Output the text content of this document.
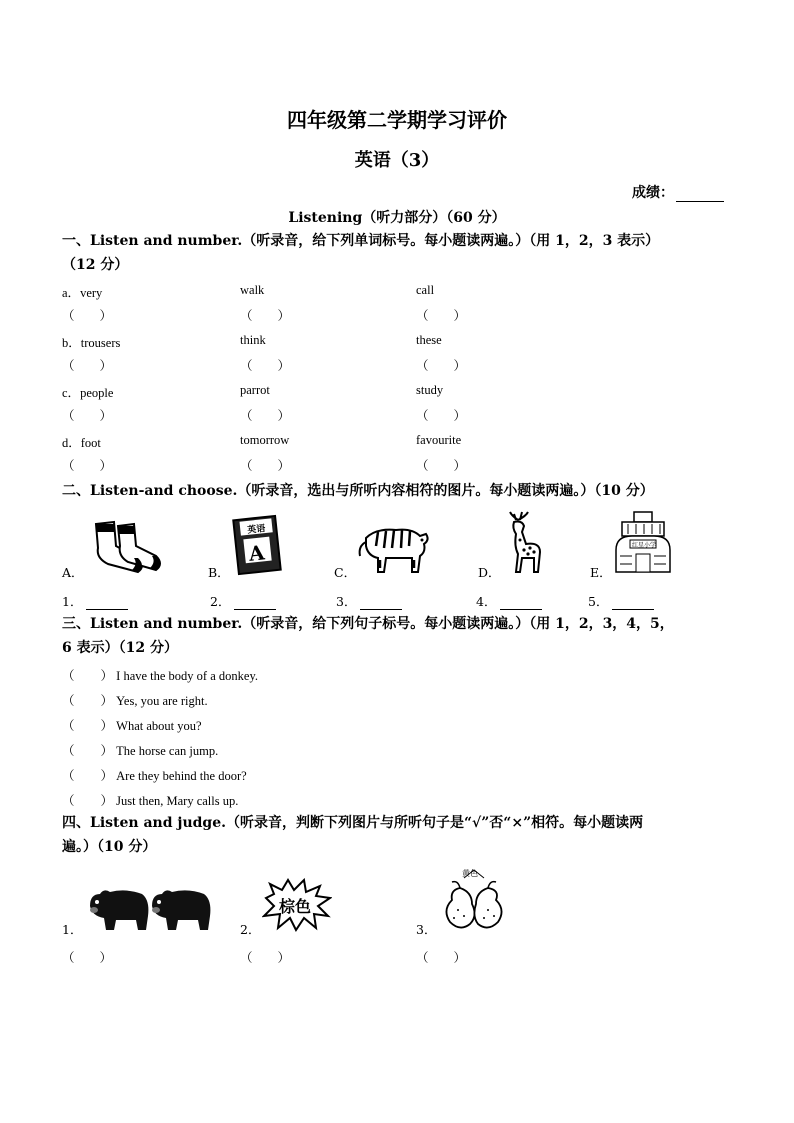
四年级第二学期学习评价
英语（3）
成绩：
Listening（听力部分）（60 分）
一、Listen and number.（听录音，给下列单词标号。每小题读两遍。）（用 1，2，3 表示）
（12 分）
a．very	walk	call
（　　）	（　　）	（　　）
b．trousers	think	these
（　　）	（　　）	（　　）
c．people	parrot	study
（　　）	（　　）	（　　）
d．foot	tomorrow	favourite
（　　）	（　　）	（　　）
二、Listen-and choose.（听录音，选出与所听内容相符的图片。每小题读两遍。）（10 分）
A．
英语
A
B．	C．	D．
红星小学
E．
1．	2．	3．	4．	5．
三、Listen and number.（听录音，给下列句子标号。每小题读两遍。）（用 1，2，3，4，5，
6 表示）（12 分）
（ ） I have the body of a donkey.
（ ） Yes, you are right.
（ ） What about you?
（ ） The horse can jump.
（ ） Are they behind the door?
（ ） Just then, Mary calls up.
四、Listen and judge.（听录音，判断下列图片与所听句子是“√”否“×”相符。每小题读两
遍。）（10 分）
1．
（　　）
2．
棕色
（　　）
3．
黄色
（　　）
